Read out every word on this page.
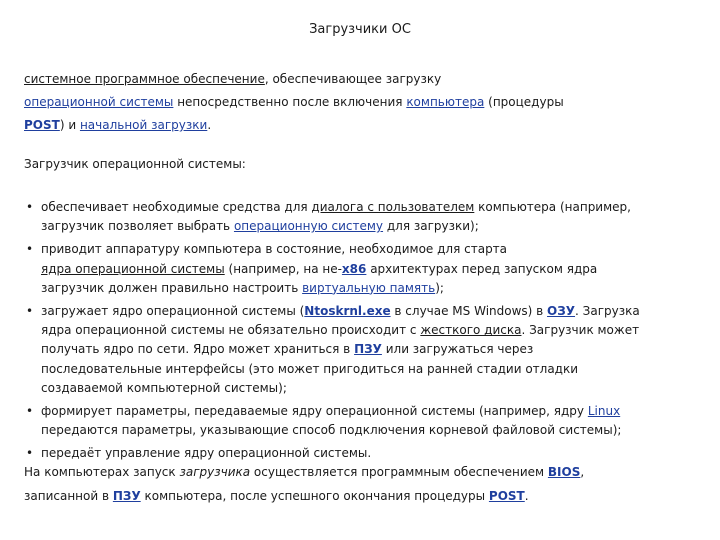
Загрузчики ОС
системное программное обеспечение, обеспечивающее загрузку
операционной системы непосредственно после включения компьютера (процедуры
POST) и начальной загрузки.
Загрузчик операционной системы:
• обеспечивает необходимые средства для диалога с пользователем компьютера (например,
загрузчик позволяет выбрать операционную систему для загрузки);
• приводит аппаратуру компьютера в состояние, необходимое для старта
ядра операционной системы (например, на не-x86 архитектурах перед запуском ядра
загрузчик должен правильно настроить виртуальную память);
• загружает ядро операционной системы (Ntoskrnl.exe в случае MS Windows) в ОЗУ. Загрузка
ядра операционной системы не обязательно происходит с жесткого диска. Загрузчик может
получать ядро по сети. Ядро может храниться в ПЗУ или загружаться через
последовательные интерфейсы (это может пригодиться на ранней стадии отладки
создаваемой компьютерной системы);
• формирует параметры, передаваемые ядру операционной системы (например, ядру Linux
передаются параметры, указывающие способ подключения корневой файловой системы);
• передаёт управление ядру операционной системы.
На компьютерах запуск загрузчика осуществляется программным обеспечением BIOS,
записанной в ПЗУ компьютера, после успешного окончания процедуры POST.
